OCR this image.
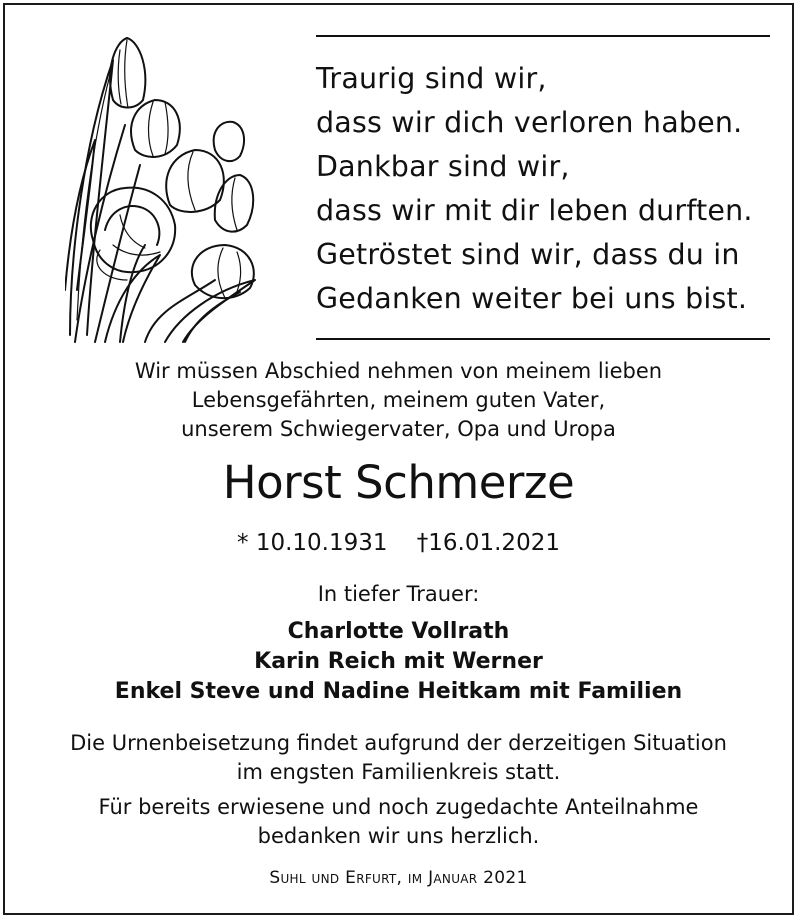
Traurig sind wir,
dass wir dich verloren haben.
Dankbar sind wir,
dass wir mit dir leben durften.
Getröstet sind wir, dass du in
Gedanken weiter bei uns bist.
Wir müssen Abschied nehmen von meinem lieben
Lebensgefährten, meinem guten Vater,
unserem Schwiegervater, Opa und Uropa
Horst Schmerze
* 10.10.1931    †16.01.2021
In tiefer Trauer:
Charlotte Vollrath
Karin Reich mit Werner
Enkel Steve und Nadine Heitkam mit Familien
Die Urnenbeisetzung findet aufgrund der derzeitigen Situation
im engsten Familienkreis statt.
Für bereits erwiesene und noch zugedachte Anteilnahme
bedanken wir uns herzlich.
Suhl und Erfurt, im Januar 2021
